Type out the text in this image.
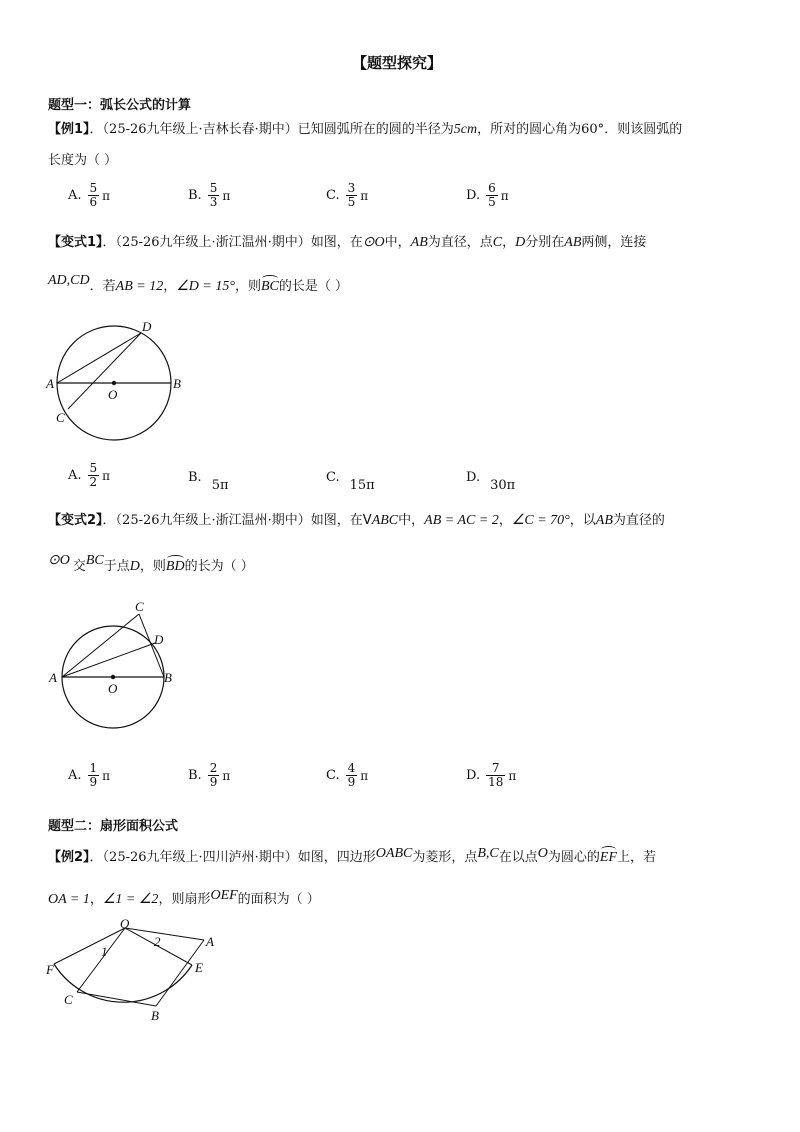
【题型探究】
题型一：弧长公式的计算
【例1】．（25-26九年级上·吉林长春·期中）已知圆弧所在的圆的半径为5cm，所对的圆心角为60°．则该圆弧的
长度为（ ）
A. $\frac{5}{6}$ π	B. $\frac{5}{3}$ π	C. $\frac{3}{5}$ π	D. $\frac{6}{5}$ π
【变式1】．（25-26九年级上·浙江温州·期中）如图，在⊙O中，AB为直径，点C，D分别在AB两侧，连接
AD,CD．若AB = 12，∠D = 15°，则BC的长是（ ）
A	B
C
D
O
A. $\frac{5}{2}$ π	B.
5π
C.
15π
D.
30π
【变式2】．（25-26九年级上·浙江温州·期中）如图，在VABC中，AB = AC = 2，∠C = 70°，以AB为直径的
⊙O 交BC于点D，则BD的长为（ ）
A	B
C
D
O
A. $\frac{1}{9}$ π	B. $\frac{2}{9}$ π	C. $\frac{4}{9}$ π	D. $\frac{7}{18}$ π
题型二：扇形面积公式
【例2】．（25-26九年级上·四川泸州·期中）如图，四边形OABC为菱形，点B,C在以点O为圆心的EF上，若
OA = 1，∠1 = ∠2，则扇形OEF的面积为（ ）
O
A
B
C
E
F
1
2
